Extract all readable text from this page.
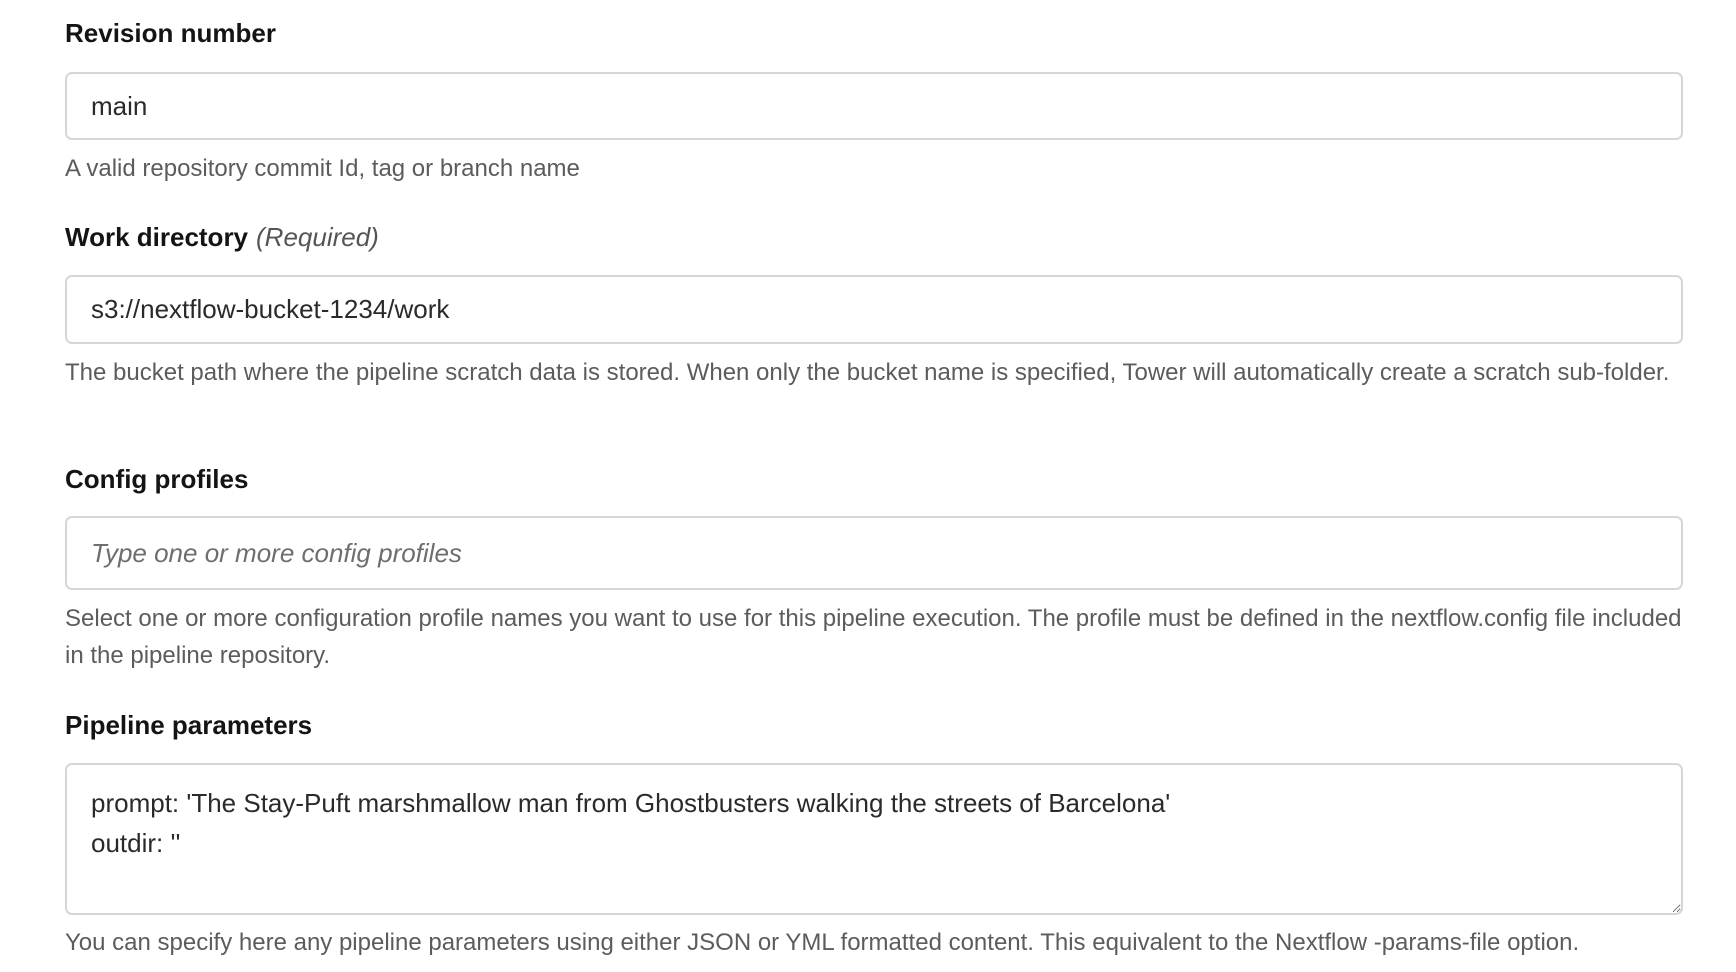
Revision number
main
A valid repository commit Id, tag or branch name
Work directory (Required)
s3://nextflow-bucket-1234/work
The bucket path where the pipeline scratch data is stored. When only the bucket name is specified, Tower will automatically create a scratch sub-folder.
Config profiles
Type one or more config profiles
Select one or more configuration profile names you want to use for this pipeline execution. The profile must be defined in the nextflow.config file included in the pipeline repository.
Pipeline parameters
prompt: 'The Stay-Puft marshmallow man from Ghostbusters walking the streets of Barcelona' outdir: ''
You can specify here any pipeline parameters using either JSON or YML formatted content. This equivalent to the Nextflow -params-file option.
